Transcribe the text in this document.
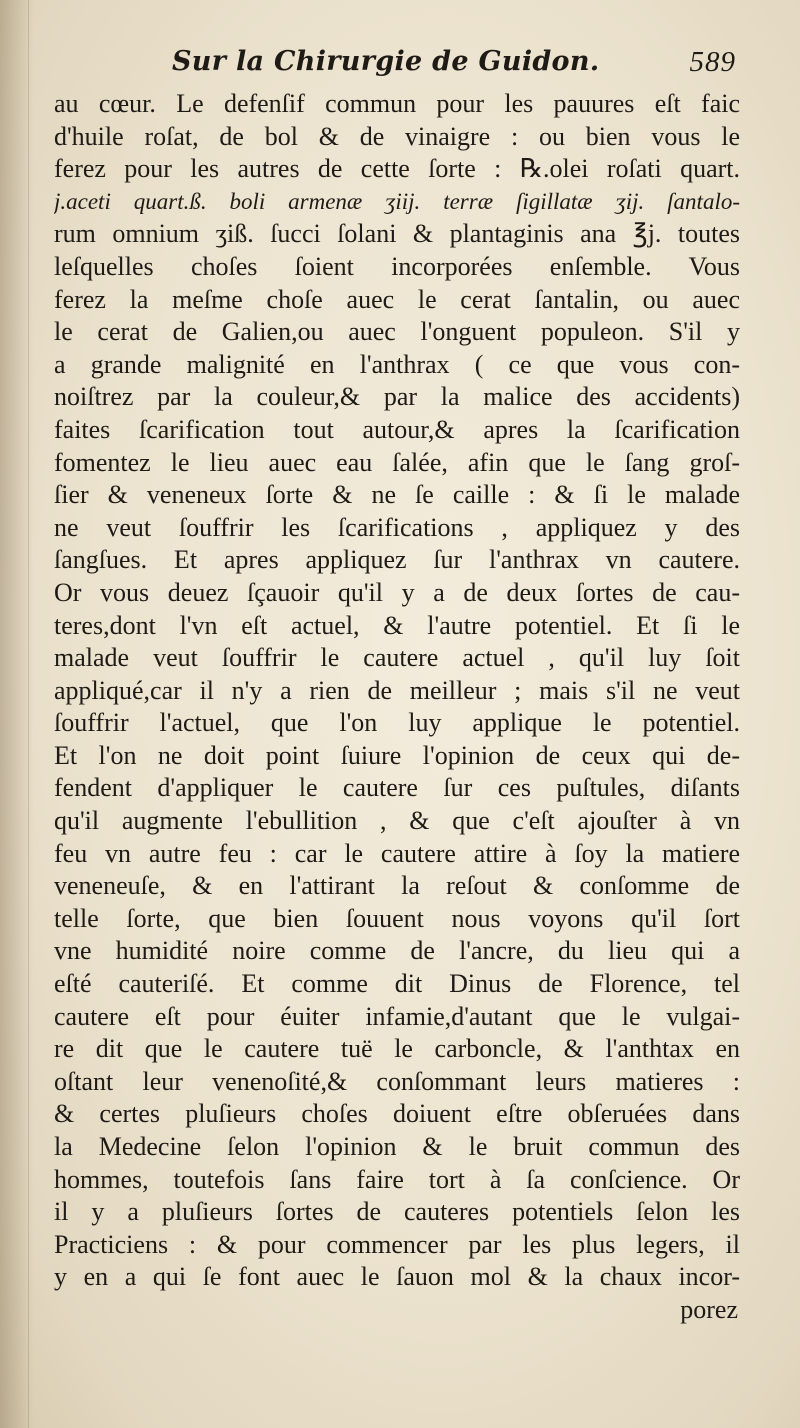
Sur la Chirurgie de Guidon.	589
au cœur. Le defenſif commun pour les pauures eſt faic
d'huile roſat, de bol & de vinaigre : ou bien vous le
ferez pour les autres de cette ſorte : ℞.olei roſati quart.
j.aceti quart.ß. boli armenæ ʒiij. terræ ſigillatæ ʒij. ſantalo-
rum omnium ʒiß. ſucci ſolani & plantaginis ana ℥j. toutes
leſquelles choſes ſoient incorporées enſemble. Vous
ferez la meſme choſe auec le cerat ſantalin, ou auec
le cerat de Galien,ou auec l'onguent populeon. S'il y
a grande malignité en l'anthrax ( ce que vous con-
noiſtrez par la couleur,& par la malice des accidents)
faites ſcarification tout autour,& apres la ſcarification
fomentez le lieu auec eau ſalée, afin que le ſang groſ-
ſier & veneneux ſorte & ne ſe caille : & ſi le malade
ne veut ſouffrir les ſcarifications , appliquez y des
ſangſues. Et apres appliquez ſur l'anthrax vn cautere.
Or vous deuez ſçauoir qu'il y a de deux ſortes de cau-
teres,dont l'vn eſt actuel, & l'autre potentiel. Et ſi le
malade veut ſouffrir le cautere actuel , qu'il luy ſoit
appliqué,car il n'y a rien de meilleur ; mais s'il ne veut
ſouffrir l'actuel, que l'on luy applique le potentiel.
Et l'on ne doit point ſuiure l'opinion de ceux qui de-
fendent d'appliquer le cautere ſur ces puſtules, diſants
qu'il augmente l'ebullition , & que c'eſt ajouſter à vn
feu vn autre feu : car le cautere attire à ſoy la matiere
veneneuſe, & en l'attirant la reſout & conſomme de
telle ſorte, que bien ſouuent nous voyons qu'il ſort
vne humidité noire comme de l'ancre, du lieu qui a
eſté cauteriſé. Et comme dit Dinus de Florence, tel
cautere eſt pour éuiter infamie,d'autant que le vulgai-
re dit que le cautere tuë le carboncle, & l'anthtax en
oſtant leur venenoſité,& conſommant leurs matieres :
& certes pluſieurs choſes doiuent eſtre obſeruées dans
la Medecine ſelon l'opinion & le bruit commun des
hommes, toutefois ſans faire tort à ſa conſcience. Or
il y a pluſieurs ſortes de cauteres potentiels ſelon les
Practiciens : & pour commencer par les plus legers, il
y en a qui ſe font auec le ſauon mol & la chaux incor-
porez
